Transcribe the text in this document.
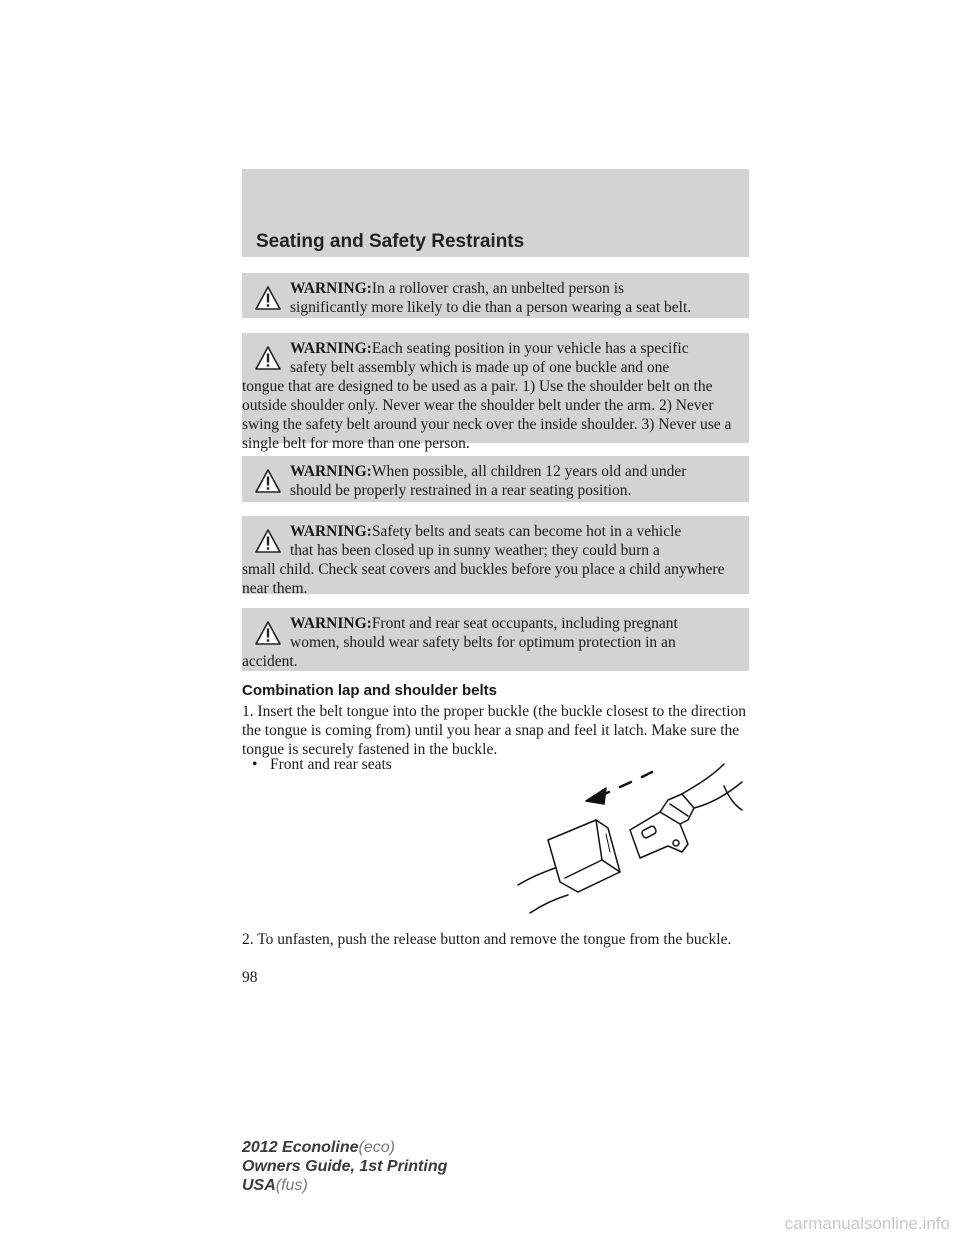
Seating and Safety Restraints
WARNING:In a rollover crash, an unbelted person is
significantly more likely to die than a person wearing a seat belt.
WARNING:Each seating position in your vehicle has a specific
safety belt assembly which is made up of one buckle and one
tongue that are designed to be used as a pair. 1) Use the shoulder belt on the outside shoulder only. Never wear the shoulder belt under the arm. 2) Never swing the safety belt around your neck over the inside shoulder. 3) Never use a single belt for more than one person.
WARNING:When possible, all children 12 years old and under
should be properly restrained in a rear seating position.
WARNING:Safety belts and seats can become hot in a vehicle
that has been closed up in sunny weather; they could burn a
small child. Check seat covers and buckles before you place a child anywhere near them.
WARNING:Front and rear seat occupants, including pregnant
women, should wear safety belts for optimum protection in an
accident.
Combination lap and shoulder belts
1. Insert the belt tongue into the proper buckle (the buckle closest to the direction the tongue is coming from) until you hear a snap and feel it latch. Make sure the tongue is securely fastened in the buckle.
• Front and rear seats
2. To unfasten, push the release button and remove the tongue from the buckle.
98
2012 Econoline(eco)
Owners Guide, 1st Printing
USA(fus)
carmanualsonline.info
